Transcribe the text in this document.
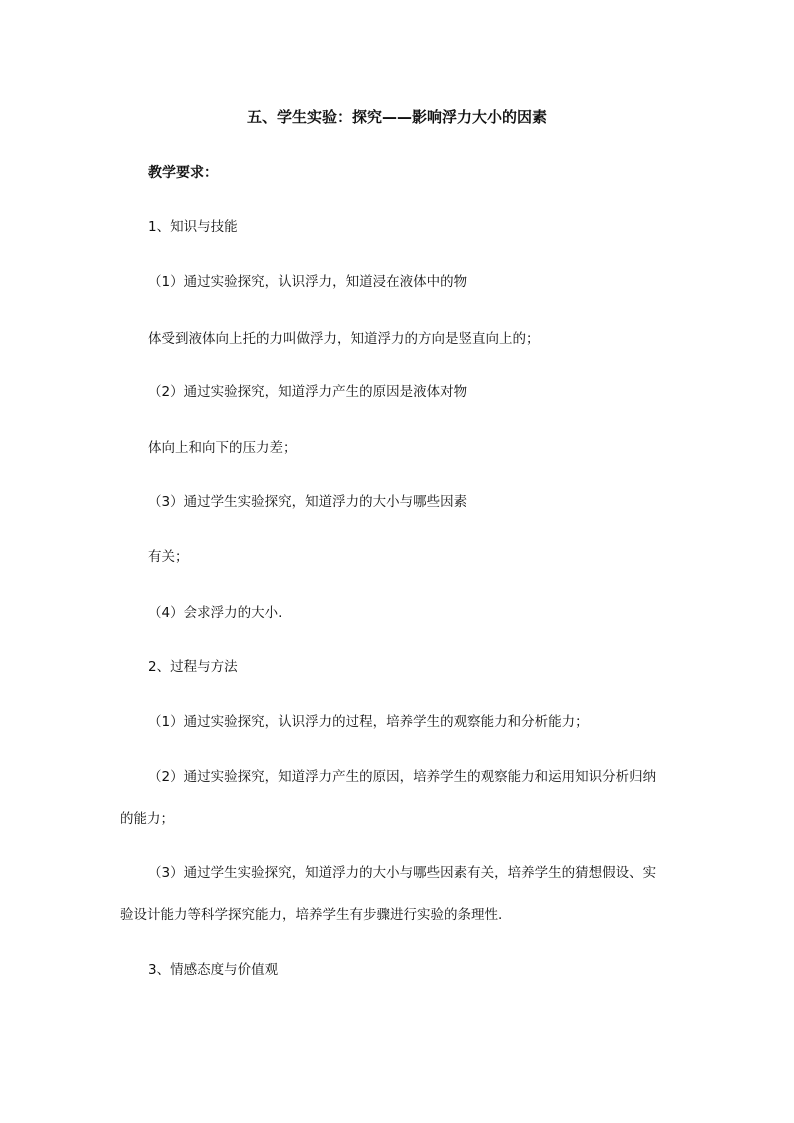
五、学生实验：探究——影响浮力大小的因素
教学要求：
1、知识与技能
（1）通过实验探究，认识浮力，知道浸在液体中的物
体受到液体向上托的力叫做浮力，知道浮力的方向是竖直向上的；
（2）通过实验探究，知道浮力产生的原因是液体对物
体向上和向下的压力差；
（3）通过学生实验探究，知道浮力的大小与哪些因素
有关；
（4）会求浮力的大小.
2、过程与方法
（1）通过实验探究，认识浮力的过程，培养学生的观察能力和分析能力；
（2）通过实验探究，知道浮力产生的原因，培养学生的观察能力和运用知识分析归纳
的能力；
（3）通过学生实验探究，知道浮力的大小与哪些因素有关，培养学生的猜想假设、实
验设计能力等科学探究能力，培养学生有步骤进行实验的条理性.
3、情感态度与价值观
